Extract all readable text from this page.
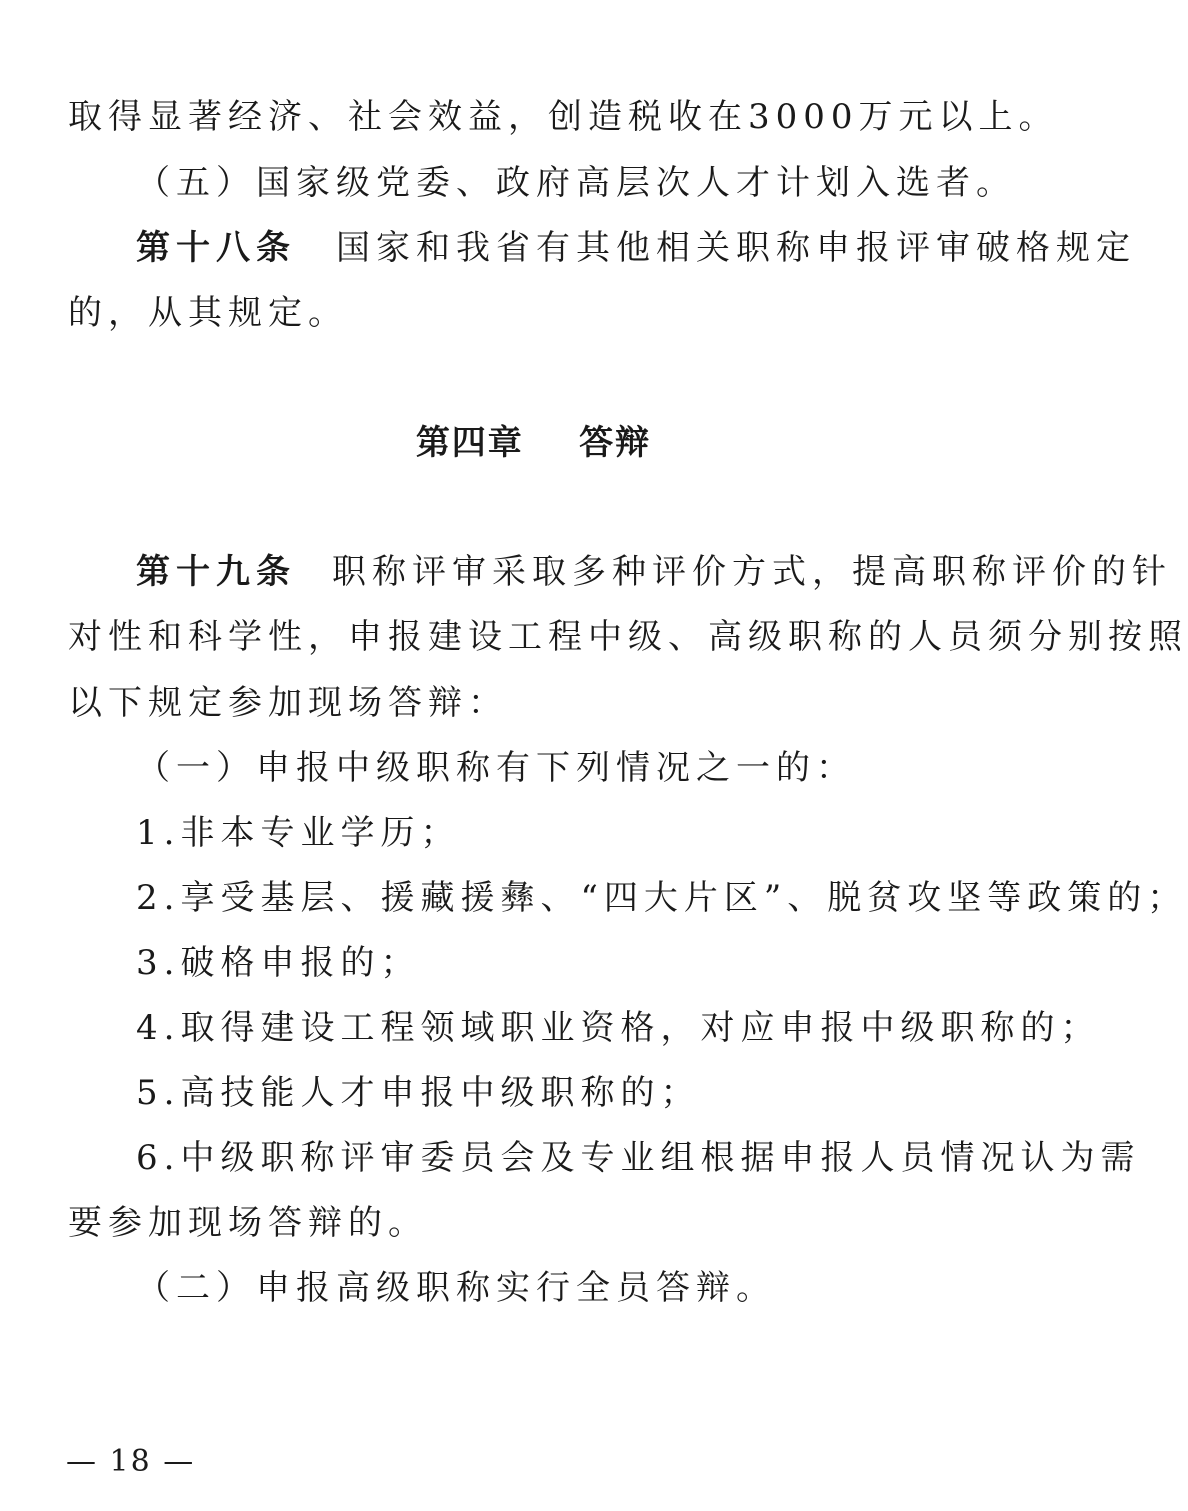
取得显著经济、社会效益，创造税收在3000万元以上。
（五）国家级党委、政府高层次人才计划入选者。
第十八条 国家和我省有其他相关职称申报评审破格规定
的，从其规定。
第四章    答辩
第十九条 职称评审采取多种评价方式，提高职称评价的针
对性和科学性，申报建设工程中级、高级职称的人员须分别按照
以下规定参加现场答辩：
（一）申报中级职称有下列情况之一的：
1.非本专业学历；
2.享受基层、援藏援彝、“四大片区”、脱贫攻坚等政策的；
3.破格申报的；
4.取得建设工程领域职业资格，对应申报中级职称的；
5.高技能人才申报中级职称的；
6.中级职称评审委员会及专业组根据申报人员情况认为需
要参加现场答辩的。
（二）申报高级职称实行全员答辩。
— 18 —
